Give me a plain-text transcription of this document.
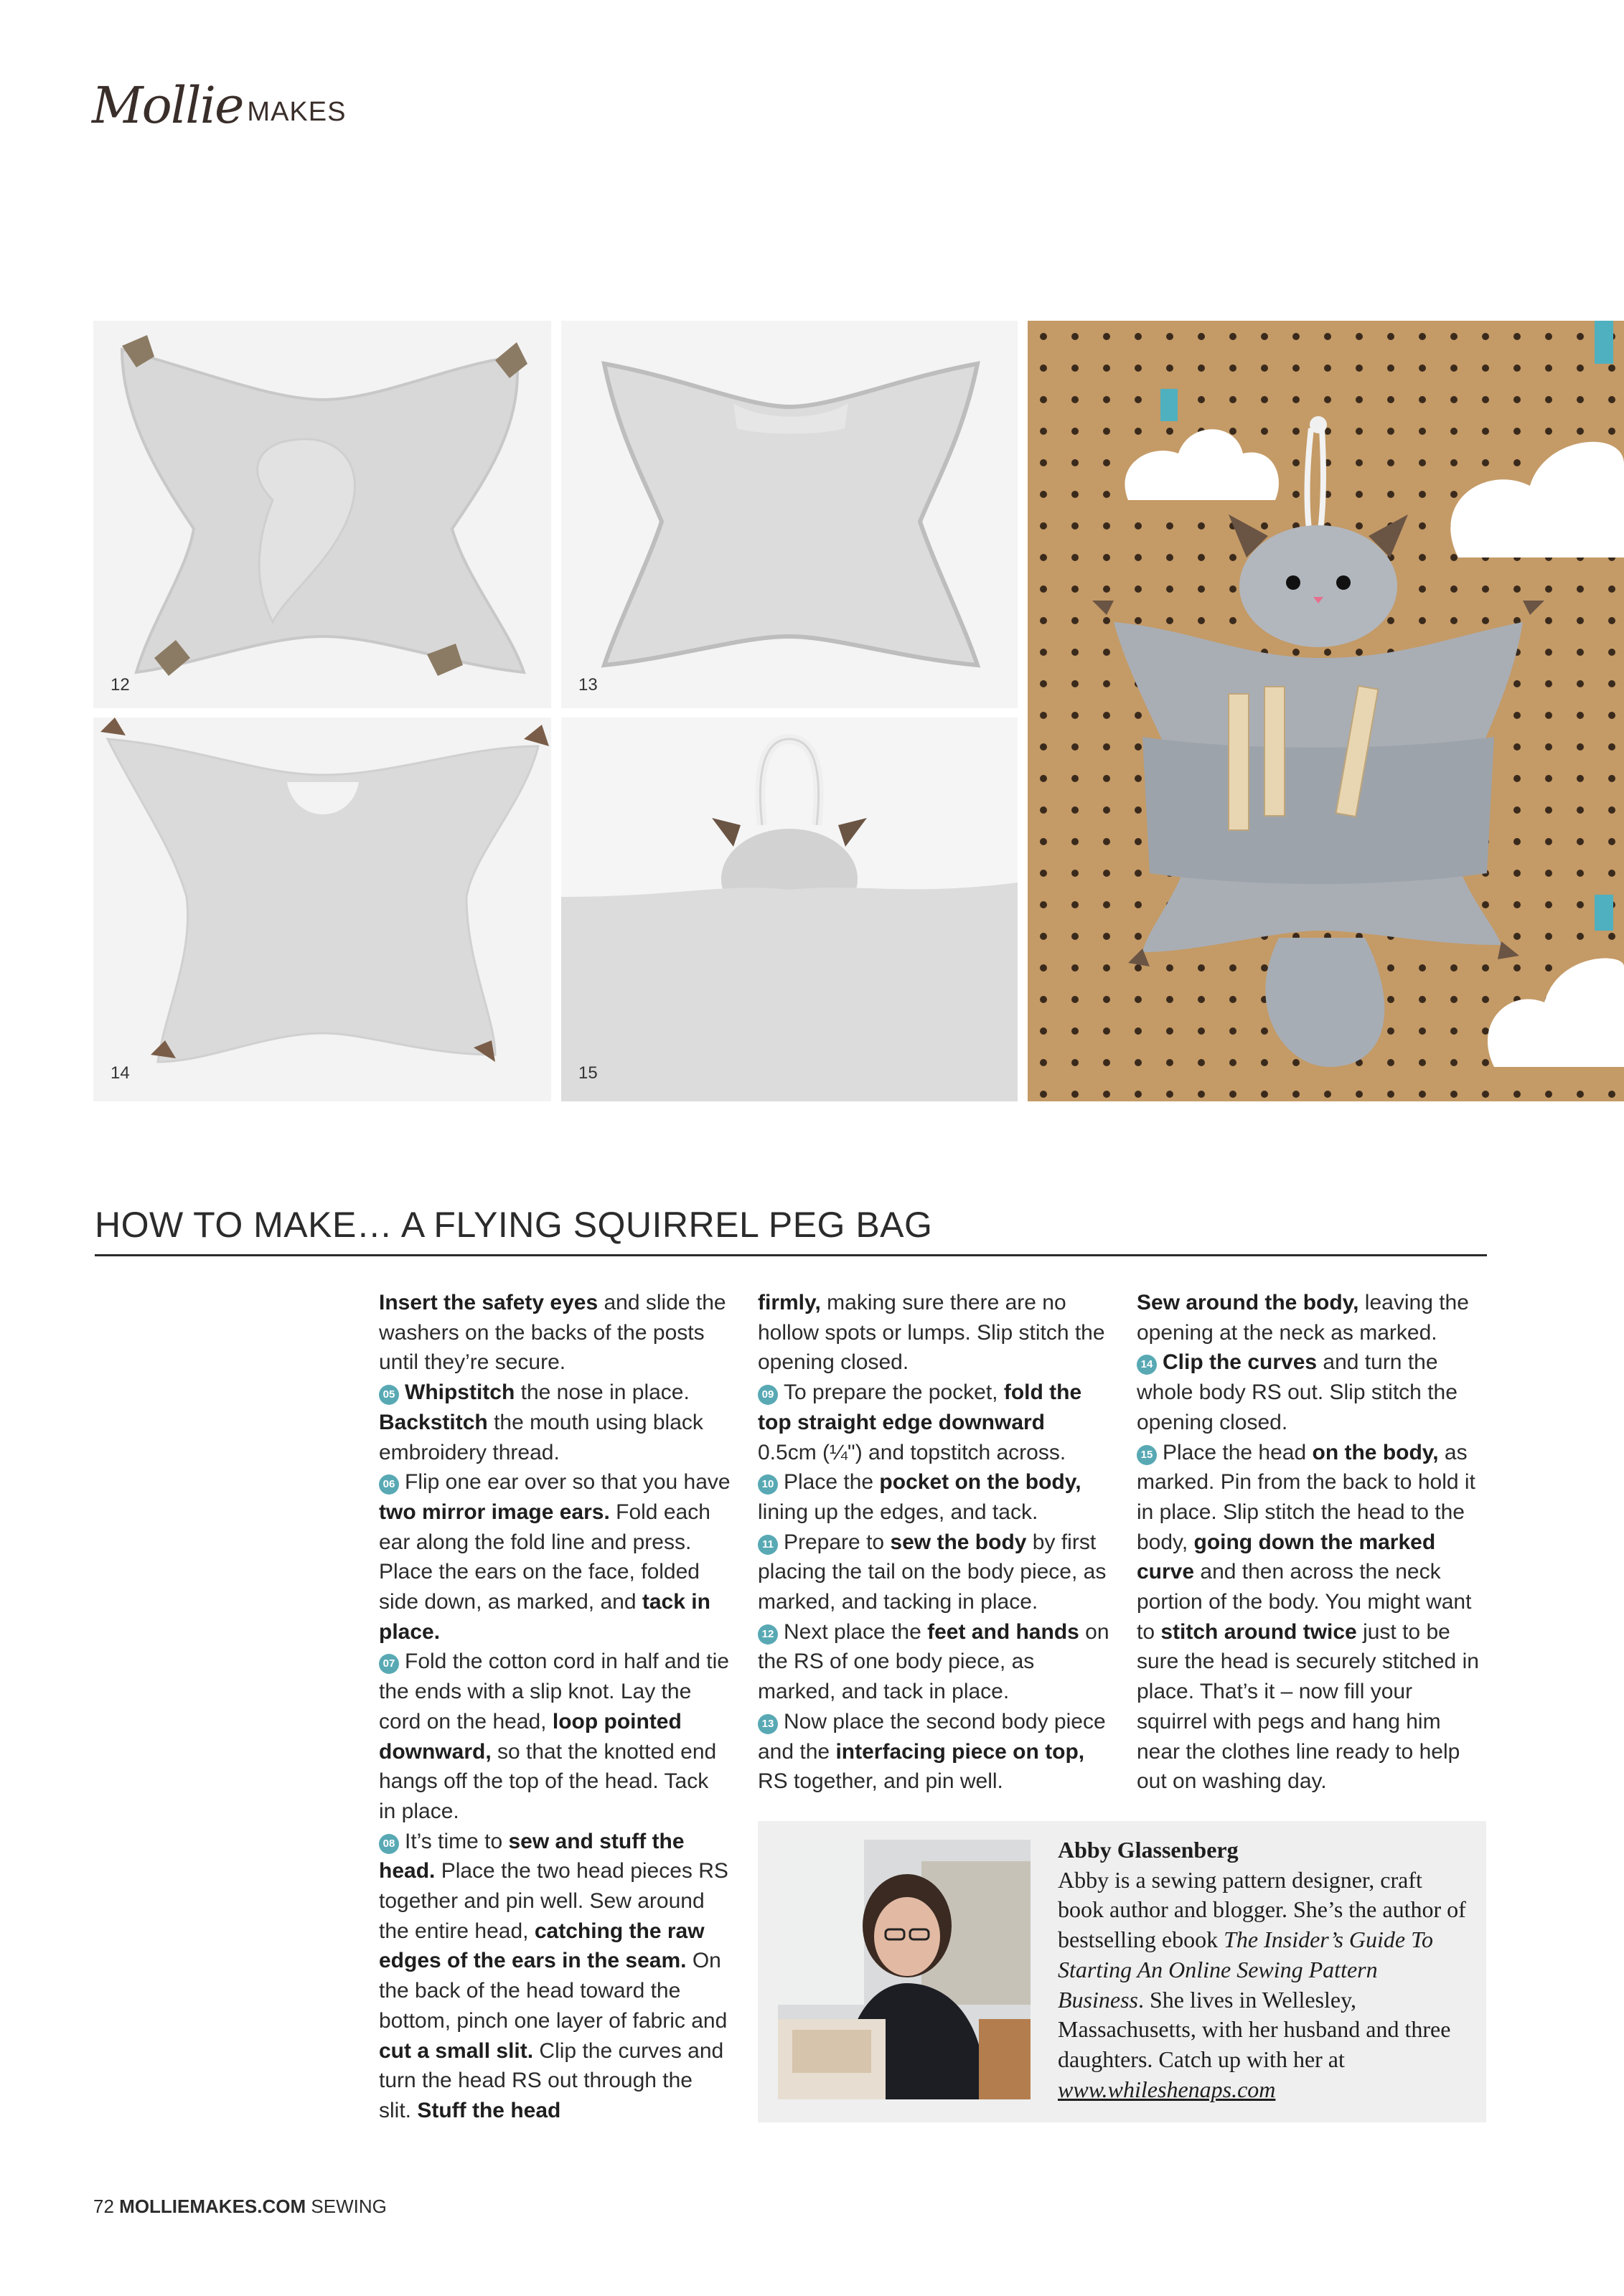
Mollie MAKES
12	13
14	15
HOW TO MAKE… A FLYING SQUIRREL PEG BAG

Insert the safety eyes and slide the washers on the backs of the posts until they’re secure.

05 Whipstitch the nose in place. Backstitch the mouth using black embroidery thread.

06 Flip one ear over so that you have two mirror image ears. Fold each ear along the fold line and press. Place the ears on the face, folded side down, as marked, and tack in place.

07 Fold the cotton cord in half and tie the ends with a slip knot. Lay the cord on the head, loop pointed downward, so that the knotted end hangs off the top of the head. Tack in place.

08 It’s time to sew and stuff the head. Place the two head pieces RS together and pin well. Sew around the entire head, catching the raw edges of the ears in the seam. On the back of the head toward the bottom, pinch one layer of fabric and cut a small slit. Clip the curves and turn the head RS out through the slit. Stuff the head

firmly, making sure there are no hollow spots or lumps. Slip stitch the opening closed.

09 To prepare the pocket, fold the top straight edge downward 0.5cm (¼") and topstitch across.

10 Place the pocket on the body, lining up the edges, and tack.

11 Prepare to sew the body by first placing the tail on the body piece, as marked, and tacking in place.

12 Next place the feet and hands on the RS of one body piece, as marked, and tack in place.

13 Now place the second body piece and the interfacing piece on top, RS together, and pin well.

Sew around the body, leaving the opening at the neck as marked.

14 Clip the curves and turn the whole body RS out. Slip stitch the opening closed.

15 Place the head on the body, as marked. Pin from the back to hold it in place. Slip stitch the head to the body, going down the marked curve and then across the neck portion of the body. You might want to stitch around twice just to be sure the head is securely stitched in place. That’s it – now fill your squirrel with pegs and hang him near the clothes line ready to help out on washing day.

Abby Glassenberg
Abby is a sewing pattern designer, craft book author and blogger. She’s the author of bestselling ebook The Insider’s Guide To Starting An Online Sewing Pattern Business. She lives in Wellesley, Massachusetts, with her husband and three daughters. Catch up with her at www.whileshenaps.com
72 MOLLIEMAKES.COM SEWING
